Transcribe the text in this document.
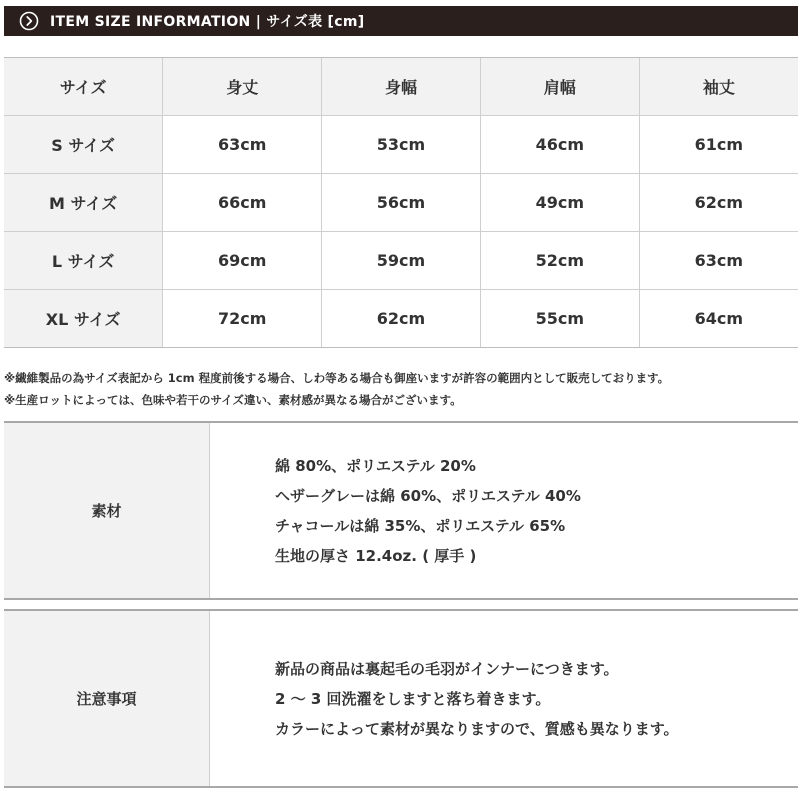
ITEM SIZE INFORMATION | サイズ表 [cm]
サイズ	身丈	身幅	肩幅	袖丈
S サイズ	63cm	53cm	46cm	61cm
M サイズ	66cm	56cm	49cm	62cm
L サイズ	69cm	59cm	52cm	63cm
XL サイズ	72cm	62cm	55cm	64cm
※繊維製品の為サイズ表記から 1cm 程度前後する場合、しわ等ある場合も御座いますが許容の範囲内として販売しております。
※生産ロットによっては、色味や若干のサイズ違い、素材感が異なる場合がございます。
素材
綿 80%、ポリエステル 20%
ヘザーグレーは綿 60%、ポリエステル 40%
チャコールは綿 35%、ポリエステル 65%
生地の厚さ 12.4oz. ( 厚手 )
注意事項
新品の商品は裏起毛の毛羽がインナーにつきます。
2 ～ 3 回洗濯をしますと落ち着きます。
カラーによって素材が異なりますので、質感も異なります。
